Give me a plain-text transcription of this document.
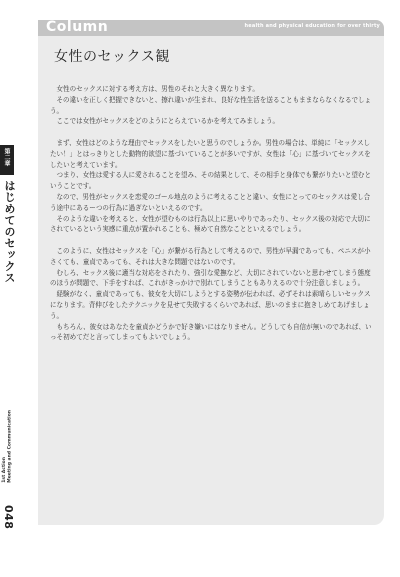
Column	health and physical education for over thirty
女性のセックス観

女性のセックスに対する考え方は、男性のそれと大きく異なります。

その違いを正しく把握できないと、擦れ違いが生まれ、良好な性生活を送ることもままならなくなるでしょう。

ここでは女性がセックスをどのようにとらえているかを考えてみましょう。

まず、女性はどのような理由でセックスをしたいと思うのでしょうか。男性の場合は、単純に「セックスしたい！」とはっきりとした動物的欲望に基づいていることが多いですが、女性は「心」に基づいてセックスをしたいと考えています。

つまり、女性は愛する人に愛されることを望み、その結果として、その相手と身体でも繋がりたいと望むということです。

なので、男性がセックスを恋愛のゴール地点のように考えることと違い、女性にとってのセックスは愛し合う途中にあるーつの行為に過ぎないといえるのです。

そのような違いを考えると、女性が望むものは行為以上に思いやりであったり、セックス後の対応で大切にされているという実感に重点が置かれることも、極めて自然なことといえるでしょう。

このように、女性はセックスを「心」が繋がる行為として考えるので、男性が早漏であっても、ペニスが小さくても、童貞であっても、それは大きな問題ではないのです。

むしろ、セックス後に適当な対応をされたり、強引な愛撫など、大切にされていないと思わせてしまう態度のほうが問題で、下手をすれば、これがきっかけで別れてしまうこともありえるので十分注意しましょう。

経験がなく、童貞であっても、彼女を大切にしようとする姿勢が伝われば、必ずそれは素晴らしいセックスになります。背伸びをしたテクニックを見せて失敗するくらいであれば、思いのままに抱きしめてあげましょう。

もちろん、彼女はあなたを童貞かどうかで好き嫌いにはなりません。どうしても自信が無いのであれば、いっそ初めてだと言ってしまってもよいでしょう。

第二章
はじめてのセックス
1st Action Meeting and Communication
048
